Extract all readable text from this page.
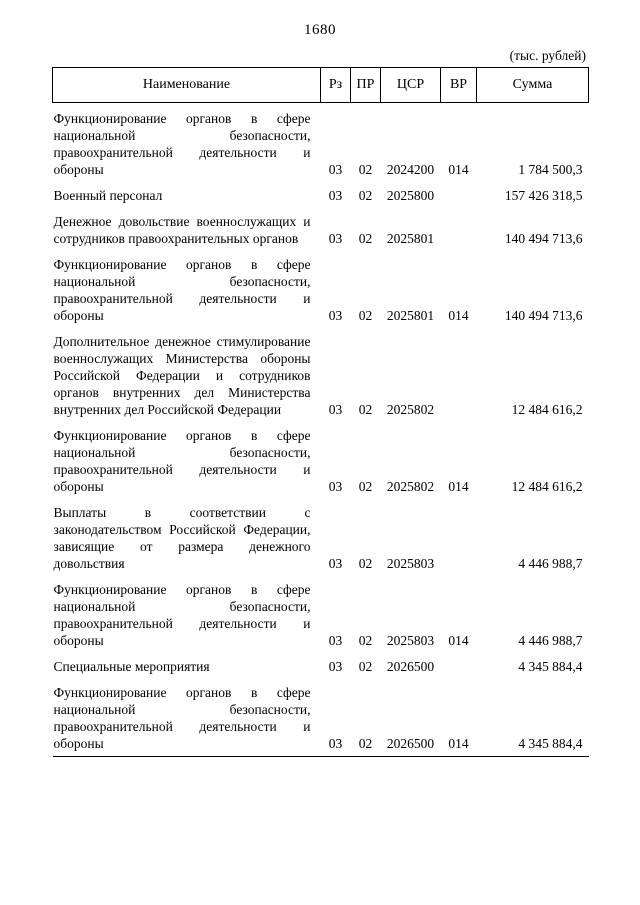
1680
(тыс. рублей)
Наименование	Рз	ПР	ЦСР	ВР	Сумма
Функционирование органов в сфере национальной безопасности, правоохранительной деятельности и обороны	03	02	2024200	014	1 784 500,3
Военный персонал	03	02	2025800		157 426 318,5
Денежное довольствие военнослужащих и сотрудников правоохранительных органов	03	02	2025801		140 494 713,6
Функционирование органов в сфере национальной безопасности, правоохранительной деятельности и обороны	03	02	2025801	014	140 494 713,6
Дополнительное денежное стимулирование военнослужащих Министерства обороны Российской Федерации и сотрудников органов внутренних дел Министерства внутренних дел Российской Федерации	03	02	2025802		12 484 616,2
Функционирование органов в сфере национальной безопасности, правоохранительной деятельности и обороны	03	02	2025802	014	12 484 616,2
Выплаты в соответствии с законодательством Российской Федерации, зависящие от размера денежного довольствия	03	02	2025803		4 446 988,7
Функционирование органов в сфере национальной безопасности, правоохранительной деятельности и обороны	03	02	2025803	014	4 446 988,7
Специальные мероприятия	03	02	2026500		4 345 884,4
Функционирование органов в сфере национальной безопасности, правоохранительной деятельности и обороны	03	02	2026500	014	4 345 884,4
